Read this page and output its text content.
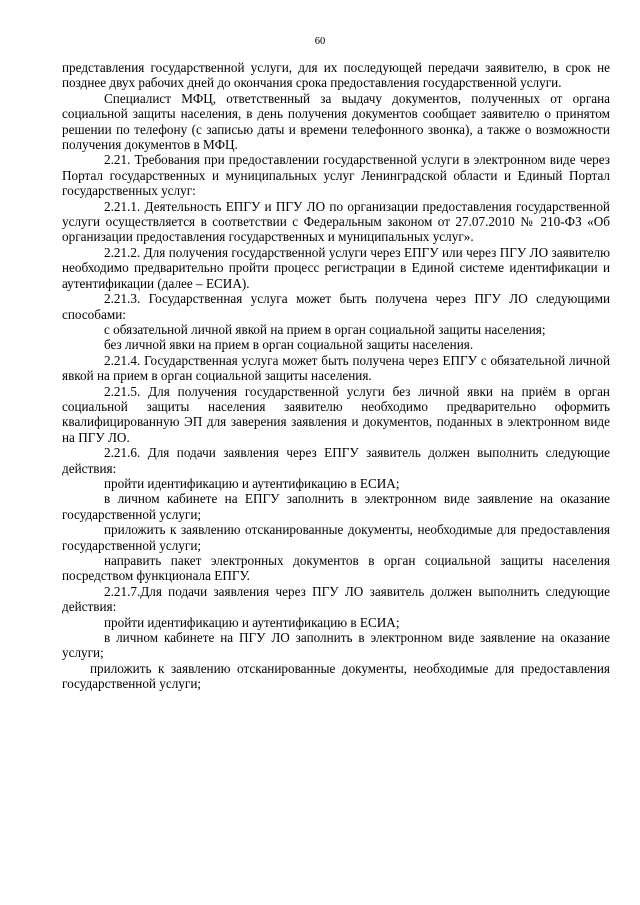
60

представления государственной услуги, для их последующей передачи заявителю, в срок не позднее двух рабочих дней до окончания срока предоставления государственной услуги.

Специалист МФЦ, ответственный за выдачу документов, полученных от органа социальной защиты населения, в день получения документов сообщает заявителю о принятом решении по телефону (с записью даты и времени телефонного звонка), а также о возможности получения документов в МФЦ.

2.21. Требования при предоставлении государственной услуги в электронном виде через Портал государственных и муниципальных услуг Ленинградской области и Единый Портал государственных услуг:

2.21.1. Деятельность ЕПГУ и ПГУ ЛО по организации предоставления государственной услуги осуществляется в соответствии с Федеральным законом от 27.07.2010 № 210-ФЗ «Об организации предоставления государственных и муниципальных услуг».

2.21.2. Для получения государственной услуги через ЕПГУ или через ПГУ ЛО заявителю необходимо предварительно пройти процесс регистрации в Единой системе идентификации и аутентификации (далее – ЕСИА).

2.21.3. Государственная услуга может быть получена через ПГУ ЛО следующими способами:

с обязательной личной явкой на прием в орган социальной защиты населения;

без личной явки на прием в орган социальной защиты населения.

2.21.4. Государственная услуга может быть получена через ЕПГУ с обязательной личной явкой на прием в орган социальной защиты населения.

2.21.5. Для получения государственной услуги без личной явки на приём в орган социальной защиты населения заявителю необходимо предварительно оформить квалифицированную ЭП для заверения заявления и документов, поданных в электронном виде на ПГУ ЛО.

2.21.6. Для подачи заявления через ЕПГУ заявитель должен выполнить следующие действия:

пройти идентификацию и аутентификацию в ЕСИА;

в личном кабинете на ЕПГУ заполнить в электронном виде заявление на оказание государственной услуги;

приложить к заявлению отсканированные документы, необходимые для предоставления государственной услуги;

направить пакет электронных документов в орган социальной защиты населения посредством функционала ЕПГУ.

2.21.7.Для подачи заявления через ПГУ ЛО заявитель должен выполнить следующие действия:

пройти идентификацию и аутентификацию в ЕСИА;

в личном кабинете на ПГУ ЛО заполнить в электронном виде заявление на оказание услуги;

приложить к заявлению отсканированные документы, необходимые для предоставления государственной услуги;
